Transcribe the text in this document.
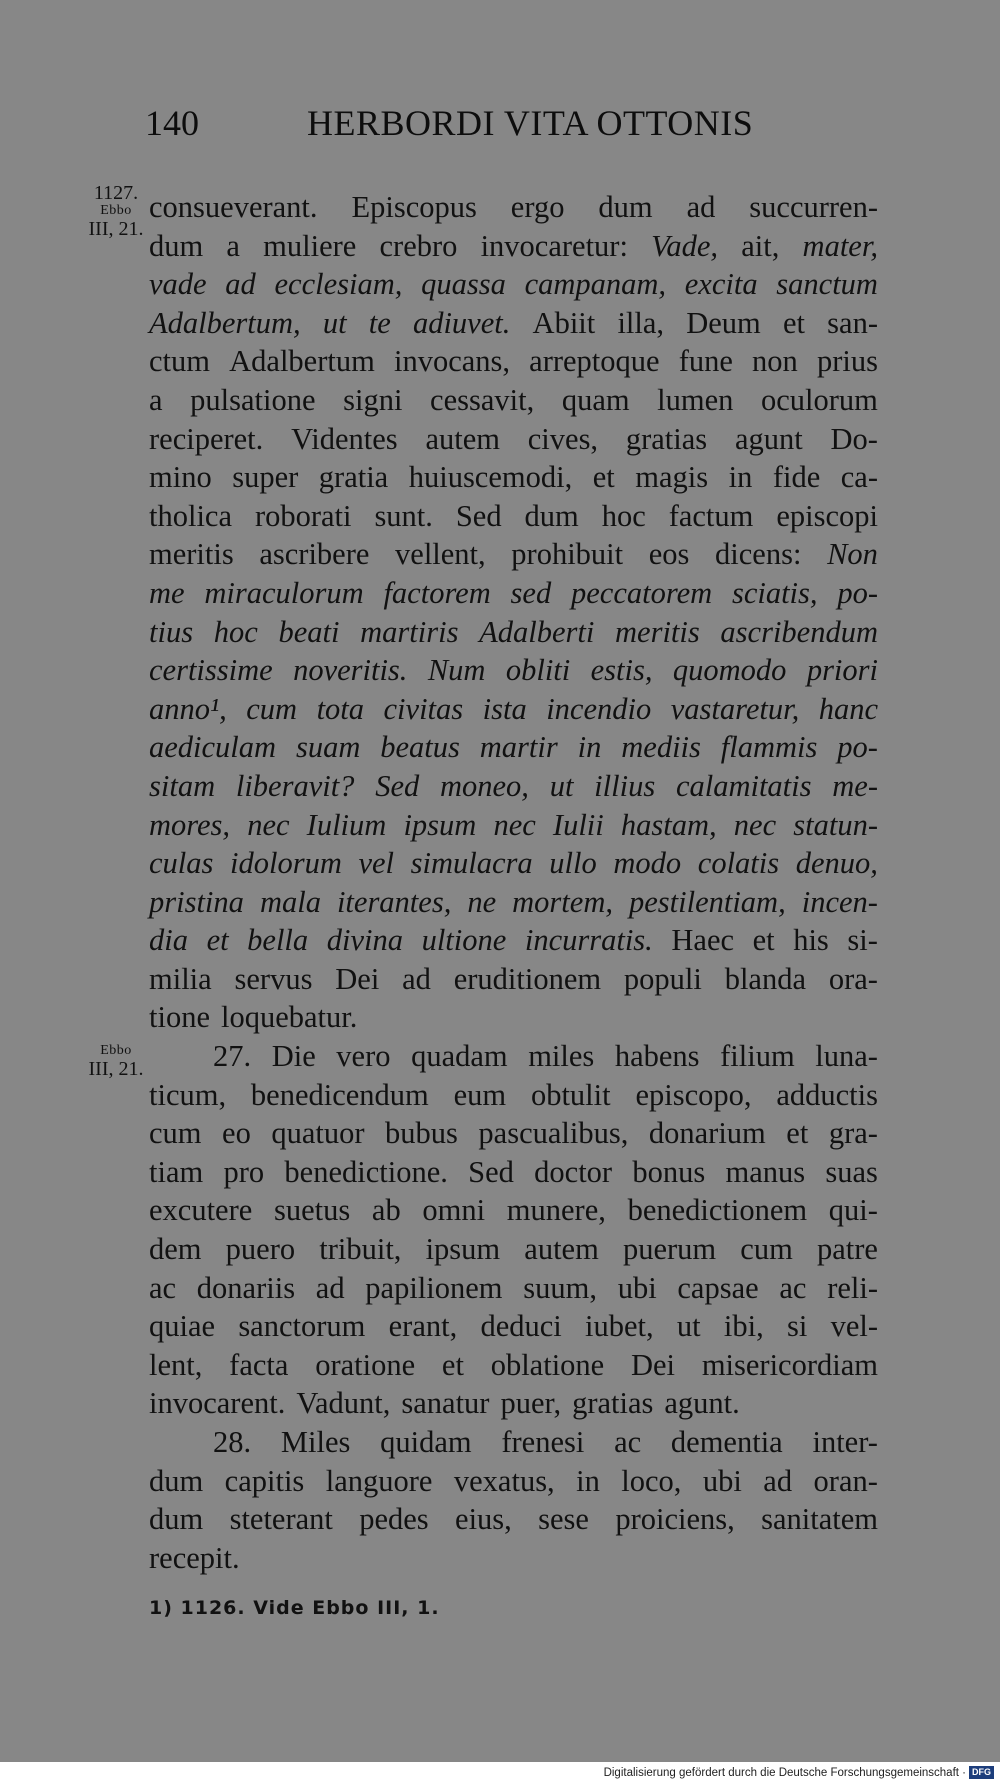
140	HERBORDI VITA OTTONIS
1127.
Ebbo
III, 21.
Ebbo
III, 21.
consueverant. Episcopus ergo dum ad succurren-
dum a muliere crebro invocaretur: Vade, ait, mater,
vade ad ecclesiam, quassa campanam, excita sanctum
Adalbertum, ut te adiuvet. Abiit illa, Deum et san-
ctum Adalbertum invocans, arreptoque fune non prius
a pulsatione signi cessavit, quam lumen oculorum
reciperet. Videntes autem cives, gratias agunt Do-
mino super gratia huiuscemodi, et magis in fide ca-
tholica roborati sunt. Sed dum hoc factum episcopi
meritis ascribere vellent, prohibuit eos dicens: Non
me miraculorum factorem sed peccatorem sciatis, po-
tius hoc beati martiris Adalberti meritis ascribendum
certissime noveritis. Num obliti estis, quomodo priori
anno¹, cum tota civitas ista incendio vastaretur, hanc
aediculam suam beatus martir in mediis flammis po-
sitam liberavit? Sed moneo, ut illius calamitatis me-
mores, nec Iulium ipsum nec Iulii hastam, nec statun-
culas idolorum vel simulacra ullo modo colatis denuo,
pristina mala iterantes, ne mortem, pestilentiam, incen-
dia et bella divina ultione incurratis. Haec et his si-
milia servus Dei ad eruditionem populi blanda ora-
tione loquebatur.
27. Die vero quadam miles habens filium luna-
ticum, benedicendum eum obtulit episcopo, adductis
cum eo quatuor bubus pascualibus, donarium et gra-
tiam pro benedictione. Sed doctor bonus manus suas
excutere suetus ab omni munere, benedictionem qui-
dem puero tribuit, ipsum autem puerum cum patre
ac donariis ad papilionem suum, ubi capsae ac reli-
quiae sanctorum erant, deduci iubet, ut ibi, si vel-
lent, facta oratione et oblatione Dei misericordiam
invocarent. Vadunt, sanatur puer, gratias agunt.
28. Miles quidam frenesi ac dementia inter-
dum capitis languore vexatus, in loco, ubi ad oran-
dum steterant pedes eius, sese proiciens, sanitatem
recepit.
1) 1126. Vide Ebbo III, 1.
Digitalisierung gefördert durch die Deutsche Forschungsgemeinschaft · DFG
